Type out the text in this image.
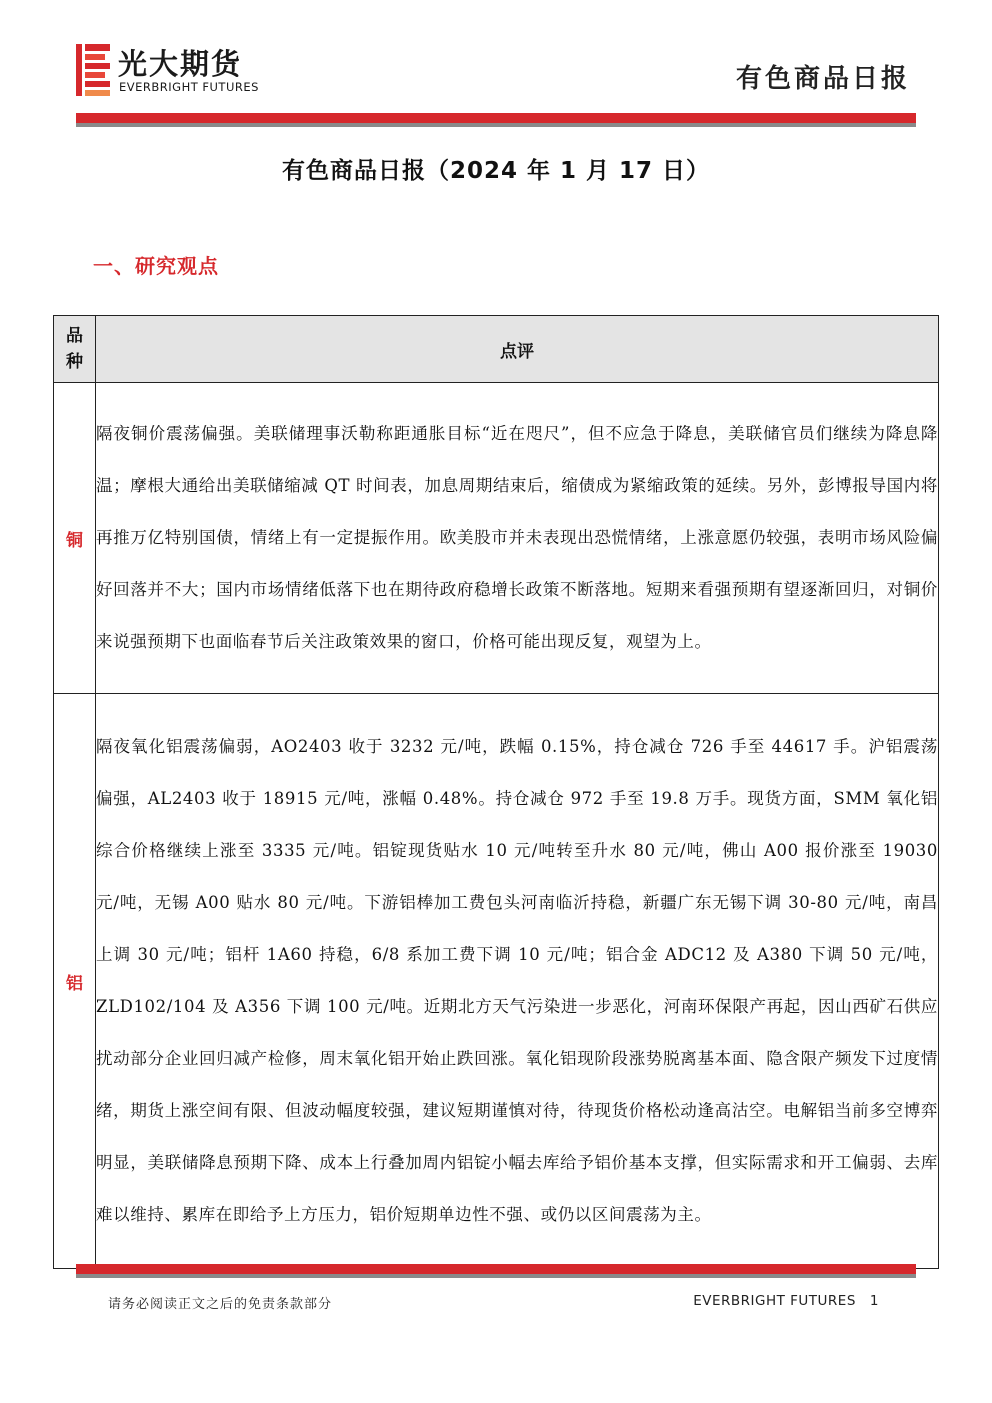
光大期货
EVERBRIGHT FUTURES	有色商品日报
有色商品日报（2024 年 1 月 17 日）
一、研究观点
品
种	点评
铜	隔夜铜价震荡偏强。美联储理事沃勒称距通胀目标“近在咫尺”，但不应急于降息，美联储官员们继续为降息降温；摩根大通给出美联储缩减 QT 时间表，加息周期结束后，缩债成为紧缩政策的延续。另外，彭博报导国内将再推万亿特别国债，情绪上有一定提振作用。欧美股市并未表现出恐慌情绪，上涨意愿仍较强，表明市场风险偏好回落并不大；国内市场情绪低落下也在期待政府稳增长政策不断落地。短期来看强预期有望逐渐回归，对铜价来说强预期下也面临春节后关注政策效果的窗口，价格可能出现反复，观望为上。
铝	隔夜氧化铝震荡偏弱，AO2403 收于 3232 元/吨，跌幅 0.15%，持仓减仓 726 手至 44617 手。沪铝震荡偏强，AL2403 收于 18915 元/吨，涨幅 0.48%。持仓减仓 972 手至 19.8 万手。现货方面，SMM 氧化铝综合价格继续上涨至 3335 元/吨。铝锭现货贴水 10 元/吨转至升水 80 元/吨，佛山 A00 报价涨至 19030 元/吨，无锡 A00 贴水 80 元/吨。下游铝棒加工费包头河南临沂持稳，新疆广东无锡下调 30-80 元/吨，南昌上调 30 元/吨；铝杆 1A60 持稳，6/8 系加工费下调 10 元/吨；铝合金 ADC12 及 A380 下调 50 元/吨，ZLD102/104 及 A356 下调 100 元/吨。近期北方天气污染进一步恶化，河南环保限产再起，因山西矿石供应扰动部分企业回归减产检修，周末氧化铝开始止跌回涨。氧化铝现阶段涨势脱离基本面、隐含限产频发下过度情绪，期货上涨空间有限、但波动幅度较强，建议短期谨慎对待，待现货价格松动逢高沽空。电解铝当前多空博弈明显，美联储降息预期下降、成本上行叠加周内铝锭小幅去库给予铝价基本支撑，但实际需求和开工偏弱、去库难以维持、累库在即给予上方压力，铝价短期单边性不强、或仍以区间震荡为主。
请务必阅读正文之后的免责条款部分	EVERBRIGHT FUTURES 1
